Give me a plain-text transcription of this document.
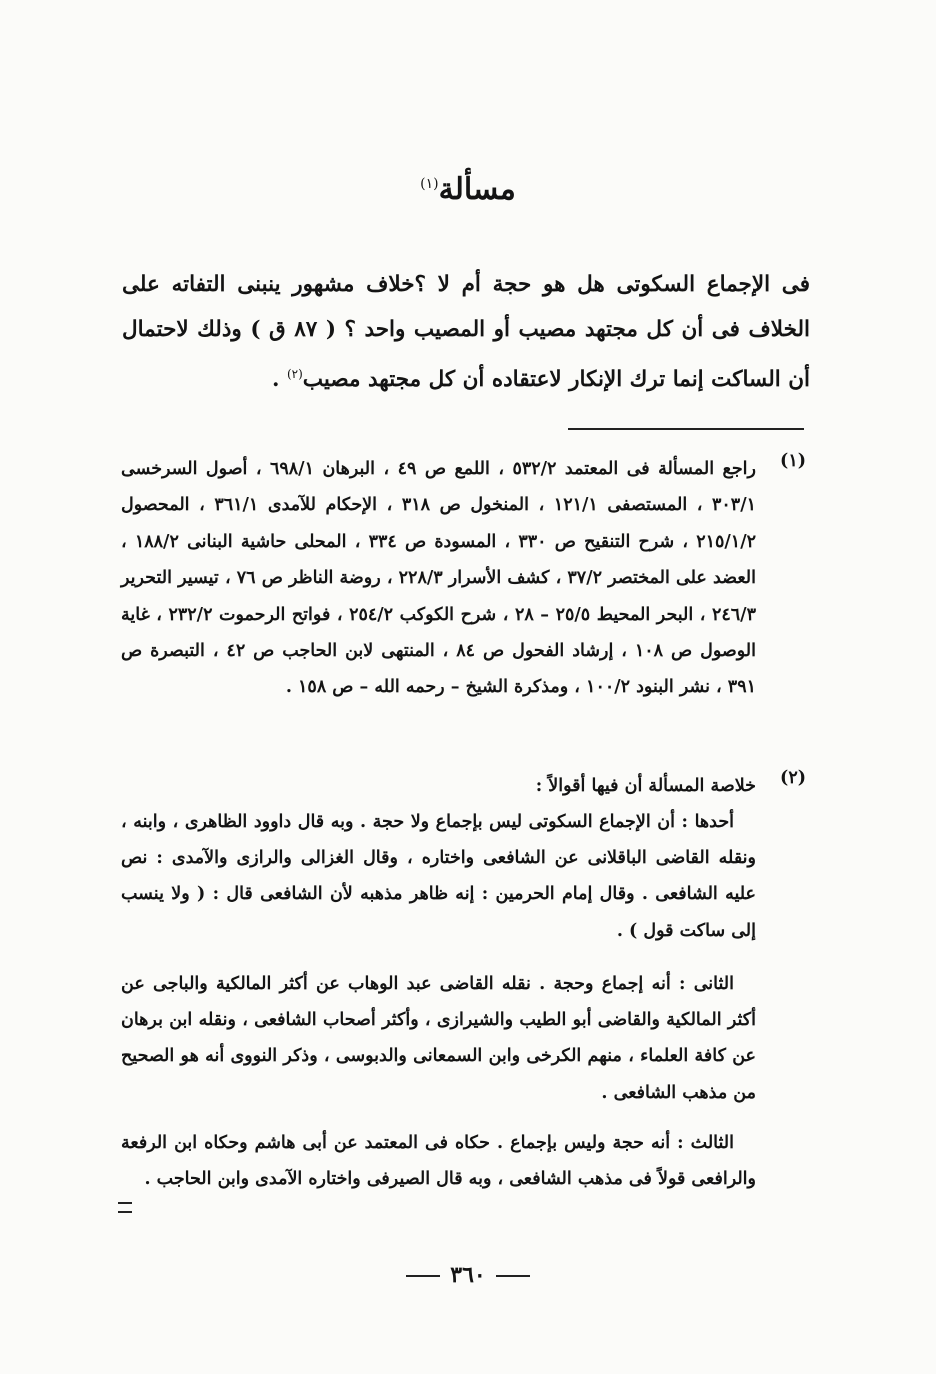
مسألة$^{(١)}$
فى الإجماع السكوتى هل هو حجة أم لا ؟خلاف مشهور ينبنى التفاته على الخلاف فى أن كل مجتهد مصيب أو المصيب واحد ؟ ( ٨٧ ق ) وذلك لاحتمال أن الساكت إنما ترك الإنكار لاعتقاده أن كل مجتهد مصيب$^{(٢)}$ .
(١)
راجع المسألة فى المعتمد ٥٣٢/٢ ، اللمع ص ٤٩ ، البرهان ٦٩٨/١ ، أصول السرخسى ٣٠٣/١ ، المستصفى ١٢١/١ ، المنخول ص ٣١٨ ، الإحكام للآمدى ٣٦١/١ ، المحصول ٢١٥/١/٢ ، شرح التنقيح ص ٣٣٠ ، المسودة ص ٣٣٤ ، المحلى حاشية البنانى ١٨٨/٢ ، العضد على المختصر ٣٧/٢ ، كشف الأسرار ٢٢٨/٣ ، روضة الناظر ص ٧٦ ، تيسير التحرير ٢٤٦/٣ ، البحر المحيط ٢٥/٥ – ٢٨ ، شرح الكوكب ٢٥٤/٢ ، فواتح الرحموت ٢٣٢/٢ ، غاية الوصول ص ١٠٨ ، إرشاد الفحول ص ٨٤ ، المنتهى لابن الحاجب ص ٤٢ ، التبصرة ص ٣٩١ ، نشر البنود ١٠٠/٢ ، ومذكرة الشيخ – رحمه الله – ص ١٥٨ .
(٢)
خلاصة المسألة أن فيها أقوالاً :
أحدها : أن الإجماع السكوتى ليس بإجماع ولا حجة . وبه قال داوود الظاهرى ، وابنه ، ونقله القاضى الباقلانى عن الشافعى واختاره ، وقال الغزالى والرازى والآمدى : نص عليه الشافعى . وقال إمام الحرمين : إنه ظاهر مذهبه لأن الشافعى قال : ( ولا ينسب إلى ساكت قول ) .
الثانى : أنه إجماع وحجة . نقله القاضى عبد الوهاب عن أكثر المالكية والباجى عن أكثر المالكية والقاضى أبو الطيب والشيرازى ، وأكثر أصحاب الشافعى ، ونقله ابن برهان عن كافة العلماء ، منهم الكرخى وابن السمعانى والدبوسى ، وذكر النووى أنه هو الصحيح من مذهب الشافعى .
الثالث : أنه حجة وليس بإجماع . حكاه فى المعتمد عن أبى هاشم وحكاه ابن الرفعة والرافعى قولاً فى مذهب الشافعى ، وبه قال الصيرفى واختاره الآمدى وابن الحاجب .
٣٦٠
